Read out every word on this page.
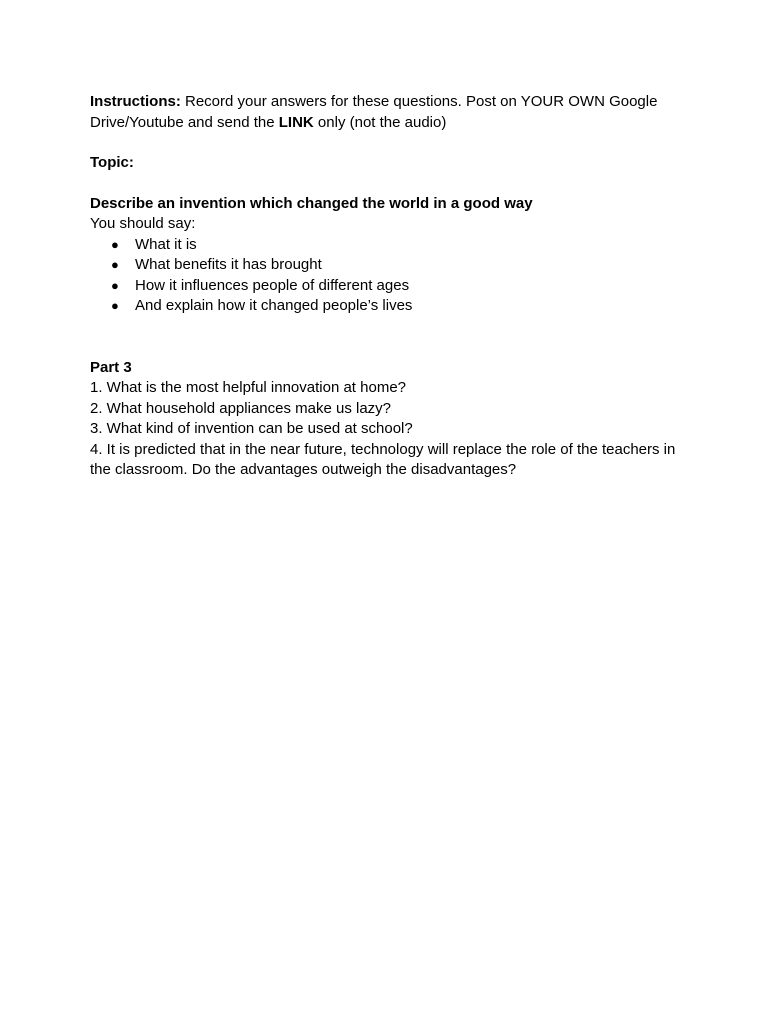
Instructions: Record your answers for these questions. Post on YOUR OWN Google Drive/Youtube and send the LINK only (not the audio)

Topic:

Describe an invention which changed the world in a good way

You should say:

● What it is
● What benefits it has brought
● How it influences people of different ages
● And explain how it changed people’s lives

Part 3

1. What is the most helpful innovation at home?

2. What household appliances make us lazy?

3. What kind of invention can be used at school?

4. It is predicted that in the near future, technology will replace the role of the teachers in the classroom. Do the advantages outweigh the disadvantages?
